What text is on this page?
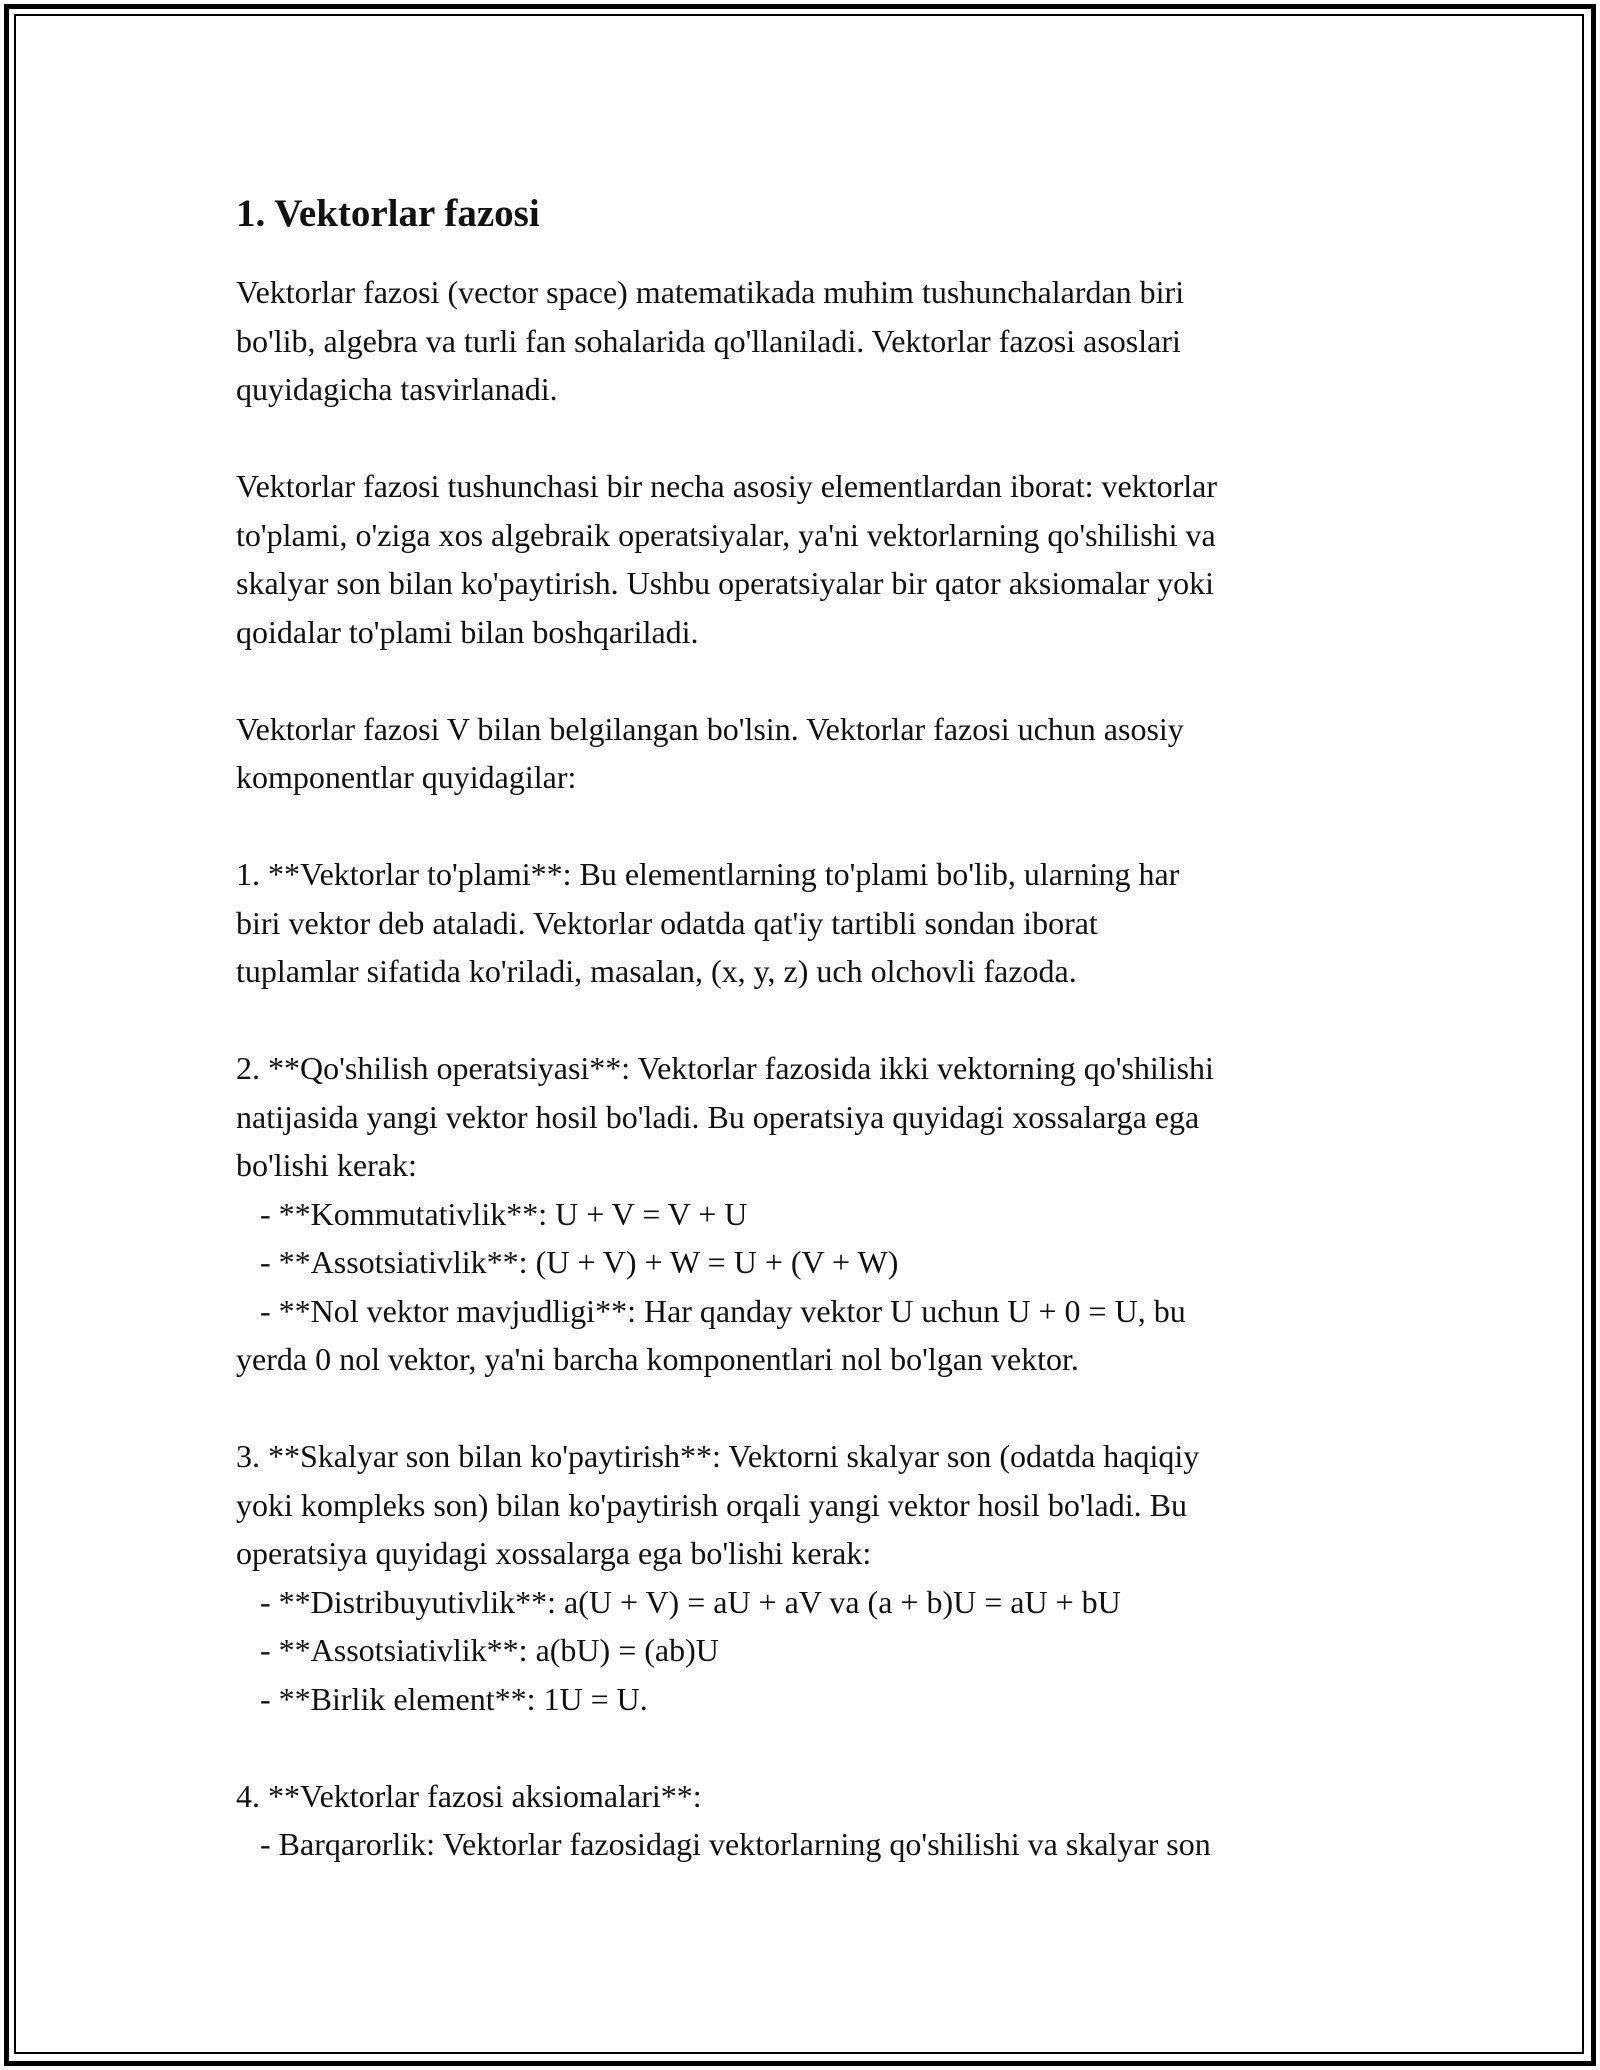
1. Vektorlar fazosi
Vektorlar fazosi (vector space) matematikada muhim tushunchalardan biri
bo'lib, algebra va turli fan sohalarida qo'llaniladi. Vektorlar fazosi asoslari
quyidagicha tasvirlanadi.
Vektorlar fazosi tushunchasi bir necha asosiy elementlardan iborat: vektorlar
to'plami, o'ziga xos algebraik operatsiyalar, ya'ni vektorlarning qo'shilishi va
skalyar son bilan ko'paytirish. Ushbu operatsiyalar bir qator aksiomalar yoki
qoidalar to'plami bilan boshqariladi.
Vektorlar fazosi V bilan belgilangan bo'lsin. Vektorlar fazosi uchun asosiy
komponentlar quyidagilar:
1. **Vektorlar to'plami**: Bu elementlarning to'plami bo'lib, ularning har
biri vektor deb ataladi. Vektorlar odatda qat'iy tartibli sondan iborat
tuplamlar sifatida ko'riladi, masalan, (x, y, z) uch olchovli fazoda.
2. **Qo'shilish operatsiyasi**: Vektorlar fazosida ikki vektorning qo'shilishi
natijasida yangi vektor hosil bo'ladi. Bu operatsiya quyidagi xossalarga ega
bo'lishi kerak:
- **Kommutativlik**: U + V = V + U
- **Assotsiativlik**: (U + V) + W = U + (V + W)
- **Nol vektor mavjudligi**: Har qanday vektor U uchun U + 0 = U, bu
yerda 0 nol vektor, ya'ni barcha komponentlari nol bo'lgan vektor.
3. **Skalyar son bilan ko'paytirish**: Vektorni skalyar son (odatda haqiqiy
yoki kompleks son) bilan ko'paytirish orqali yangi vektor hosil bo'ladi. Bu
operatsiya quyidagi xossalarga ega bo'lishi kerak:
- **Distribuyutivlik**: a(U + V) = aU + aV va (a + b)U = aU + bU
- **Assotsiativlik**: a(bU) = (ab)U
- **Birlik element**: 1U = U.
4. **Vektorlar fazosi aksiomalari**:
- Barqarorlik: Vektorlar fazosidagi vektorlarning qo'shilishi va skalyar son
